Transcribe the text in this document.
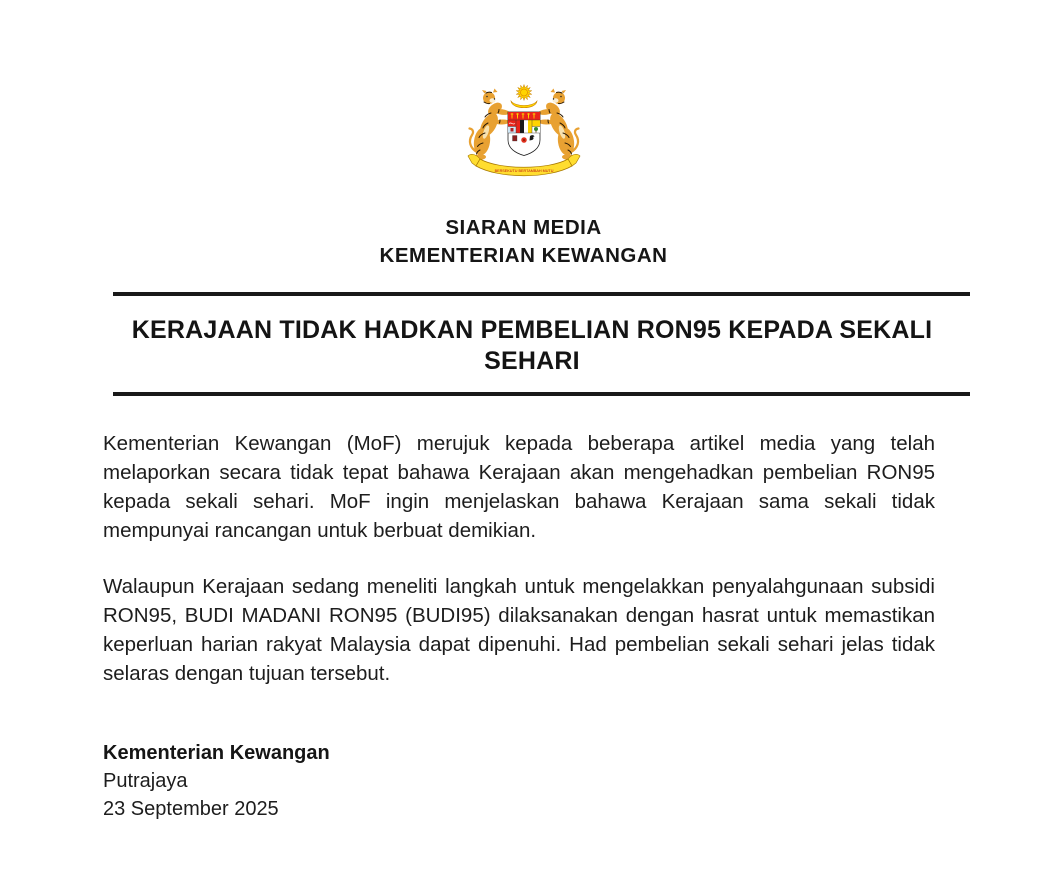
BERSEKUTU BERTAMBAH MUTU
SIARAN MEDIA
KEMENTERIAN KEWANGAN
KERAJAAN TIDAK HADKAN PEMBELIAN RON95 KEPADA SEKALI SEHARI

Kementerian Kewangan (MoF) merujuk kepada beberapa artikel media yang telah melaporkan secara tidak tepat bahawa Kerajaan akan mengehadkan pembelian RON95 kepada sekali sehari. MoF ingin menjelaskan bahawa Kerajaan sama sekali tidak mempunyai rancangan untuk berbuat demikian.

Walaupun Kerajaan sedang meneliti langkah untuk mengelakkan penyalahgunaan subsidi RON95, BUDI MADANI RON95 (BUDI95) dilaksanakan dengan hasrat untuk memastikan keperluan harian rakyat Malaysia dapat dipenuhi. Had pembelian sekali sehari jelas tidak selaras dengan tujuan tersebut.

Kementerian Kewangan
Putrajaya
23 September 2025
